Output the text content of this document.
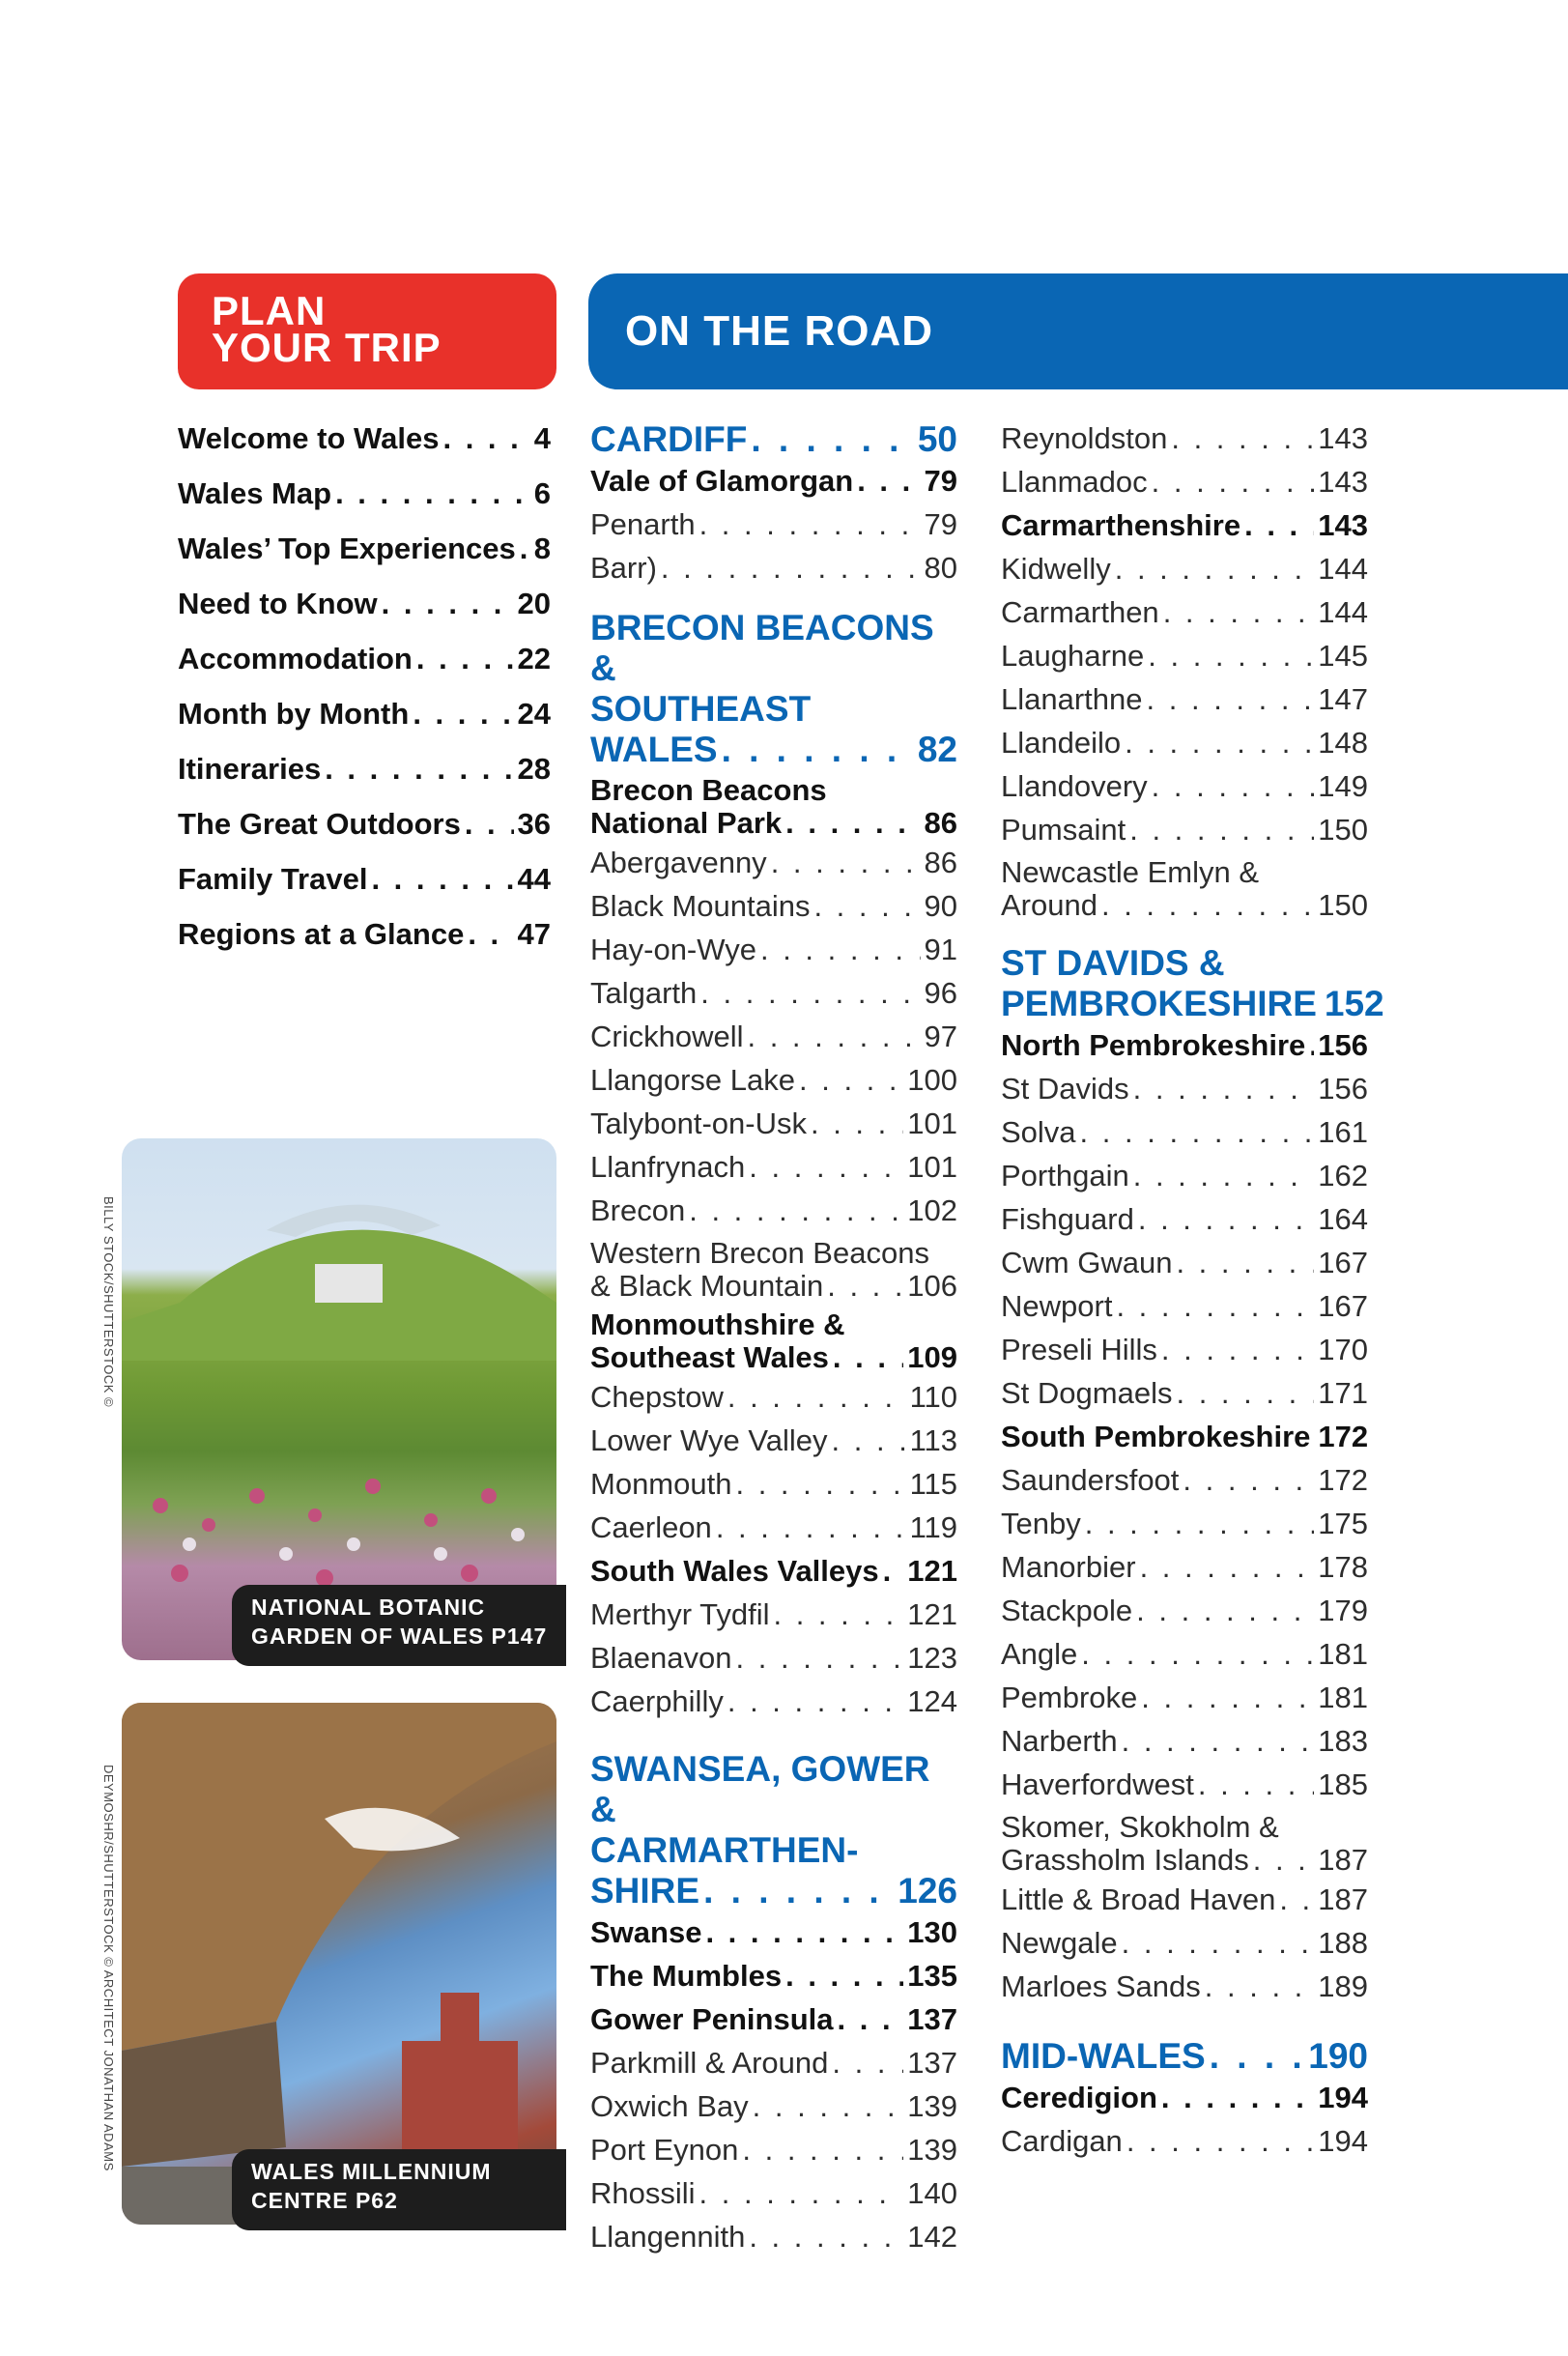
PLAN
YOUR TRIP	ON THE ROAD
Welcome to Wales . . .	4
Wales Map . . .	6
Wales’ Top Experiences . . . 8
Need to Know . . .	20
Accommodation . . .	22
Month by Month . . .	24
Itineraries . . .	28
The Great Outdoors . . . 36
Family Travel . . .	44
Regions at a Glance . . . 47
CARDIFF . . .	50
Vale of Glamorgan . . . 79
Penarth . . .	79
Barr) . . .	80
BRECON BEACONS &
SOUTHEAST
WALES . . .	82
Brecon Beacons
National Park . . .	86
Abergavenny . . .	86
Black Mountains . . .	90
Hay-on-Wye . . .	91
Talgarth . . .	96
Crickhowell . . .	97
Llangorse Lake . . .	100
Talybont-on-Usk . . .	101
Llanfrynach . . .	101
Brecon . . .	102
Western Brecon Beacons
& Black Mountain . . .	106
Monmouthshire &
Southeast Wales . . .	109
Chepstow . . .	110
Lower Wye Valley . . .	113
Monmouth . . .	115
Caerleon . . .	119
South Wales Valleys . . . 121
Merthyr Tydfil . . .	121
Blaenavon . . .	123
Caerphilly . . .	124
SWANSEA, GOWER &
CARMARTHEN-
SHIRE . . .	126
Swanse . . .	130
The Mumbles . . .	135
Gower Peninsula . . . 137
Parkmill & Around . . .	137
Oxwich Bay . . .	139
Port Eynon . . .	139
Rhossili . . .	140
Llangennith . . .	142
Reynoldston . . .	143
Llanmadoc . . .	143
Carmarthenshire . . .	143
Kidwelly . . .	144
Carmarthen . . .	144
Laugharne . . .	145
Llanarthne . . .	147
Llandeilo . . .	148
Llandovery . . .	149
Pumsaint . . .	150
Newcastle Emlyn &
Around . . .	150
ST DAVIDS &
PEMBROKESHIRE 152
North Pembrokeshire . . . 156
St Davids . . .	156
Solva . . .	161
Porthgain . . .	162
Fishguard . . .	164
Cwm Gwaun . . .	167
Newport . . .	167
Preseli Hills . . .	170
St Dogmaels . . .	171
South Pembrokeshire 172
Saundersfoot . . .	172
Tenby . . .	175
Manorbier . . .	178
Stackpole . . .	179
Angle . . .	181
Pembroke . . .	181
Narberth . . .	183
Haverfordwest . . .	185
Skomer, Skokholm &
Grassholm Islands . . . 187
Little & Broad Haven . . . 187
Newgale . . .	188
Marloes Sands . . .	189
MID-WALES . . .	190
Ceredigion . . .	194
Cardigan . . .	194
NATIONAL BOTANIC
GARDEN OF WALES P147
BILLY STOCK/SHUTTERSTOCK ©
WALES MILLENNIUM
CENTRE P62
DEYMOSHR/SHUTTERSTOCK © ARCHITECT JONATHAN ADAMS
